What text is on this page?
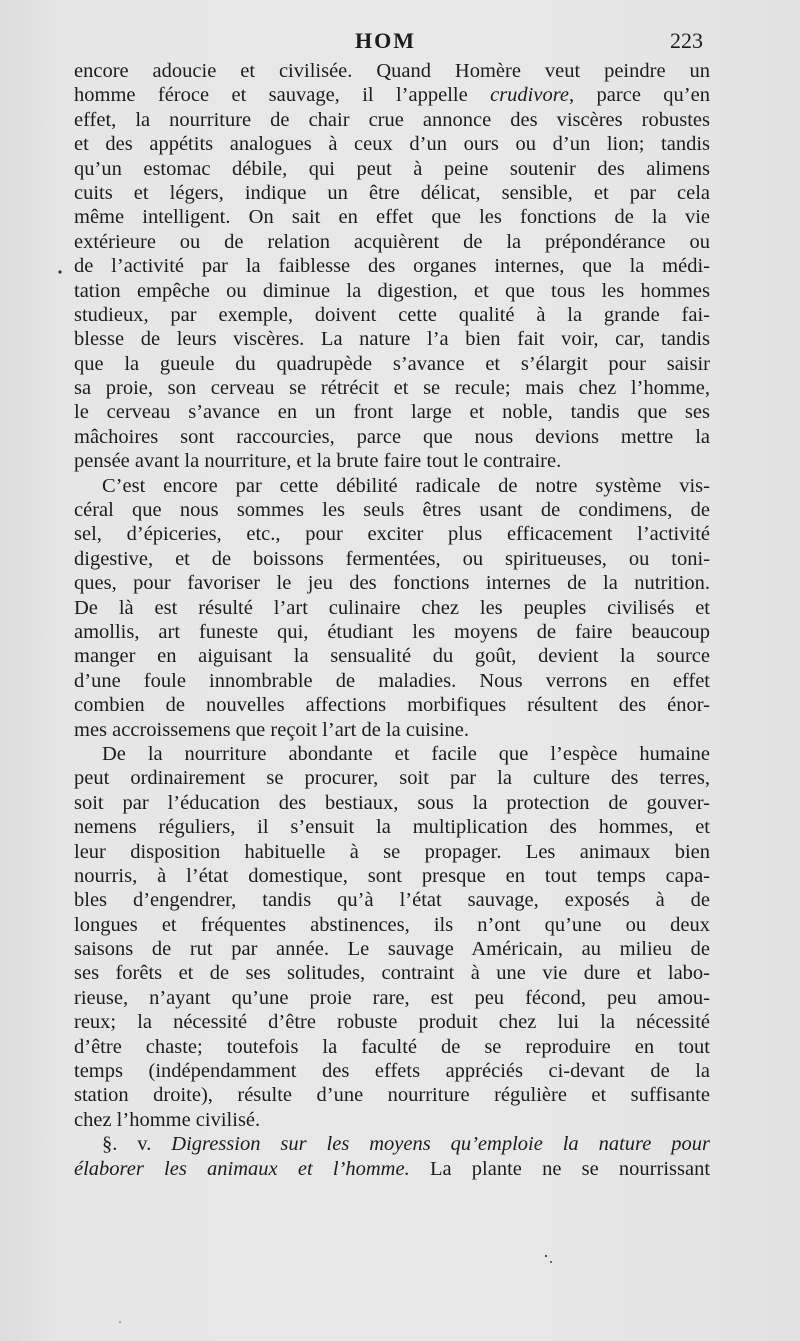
HOM	223
encore adoucie et civilisée. Quand Homère veut peindre un
homme féroce et sauvage, il l’appelle crudivore, parce qu’en
effet, la nourriture de chair crue annonce des viscères robustes
et des appétits analogues à ceux d’un ours ou d’un lion; tandis
qu’un estomac débile, qui peut à peine soutenir des alimens
cuits et légers, indique un être délicat, sensible, et par cela
même intelligent. On sait en effet que les fonctions de la vie
extérieure ou de relation acquièrent de la prépondérance ou
de l’activité par la faiblesse des organes internes, que la médi-
tation empêche ou diminue la digestion, et que tous les hommes
studieux, par exemple, doivent cette qualité à la grande fai-
blesse de leurs viscères. La nature l’a bien fait voir, car, tandis
que la gueule du quadrupède s’avance et s’élargit pour saisir
sa proie, son cerveau se rétrécit et se recule; mais chez l’homme,
le cerveau s’avance en un front large et noble, tandis que ses
mâchoires sont raccourcies, parce que nous devions mettre la
pensée avant la nourriture, et la brute faire tout le contraire.
C’est encore par cette débilité radicale de notre système vis-
céral que nous sommes les seuls êtres usant de condimens, de
sel, d’épiceries, etc., pour exciter plus efficacement l’activité
digestive, et de boissons fermentées, ou spiritueuses, ou toni-
ques, pour favoriser le jeu des fonctions internes de la nutrition.
De là est résulté l’art culinaire chez les peuples civilisés et
amollis, art funeste qui, étudiant les moyens de faire beaucoup
manger en aiguisant la sensualité du goût, devient la source
d’une foule innombrable de maladies. Nous verrons en effet
combien de nouvelles affections morbifiques résultent des énor-
mes accroissemens que reçoit l’art de la cuisine.
De la nourriture abondante et facile que l’espèce humaine
peut ordinairement se procurer, soit par la culture des terres,
soit par l’éducation des bestiaux, sous la protection de gouver-
nemens réguliers, il s’ensuit la multiplication des hommes, et
leur disposition habituelle à se propager. Les animaux bien
nourris, à l’état domestique, sont presque en tout temps capa-
bles d’engendrer, tandis qu’à l’état sauvage, exposés à de
longues et fréquentes abstinences, ils n’ont qu’une ou deux
saisons de rut par année. Le sauvage Américain, au milieu de
ses forêts et de ses solitudes, contraint à une vie dure et labo-
rieuse, n’ayant qu’une proie rare, est peu fécond, peu amou-
reux; la nécessité d’être robuste produit chez lui la nécessité
d’être chaste; toutefois la faculté de se reproduire en tout
temps (indépendamment des effets appréciés ci-devant de la
station droite), résulte d’une nourriture régulière et suffisante
chez l’homme civilisé.
§. v. Digression sur les moyens qu’emploie la nature pour
élaborer les animaux et l’homme. La plante ne se nourrissant
